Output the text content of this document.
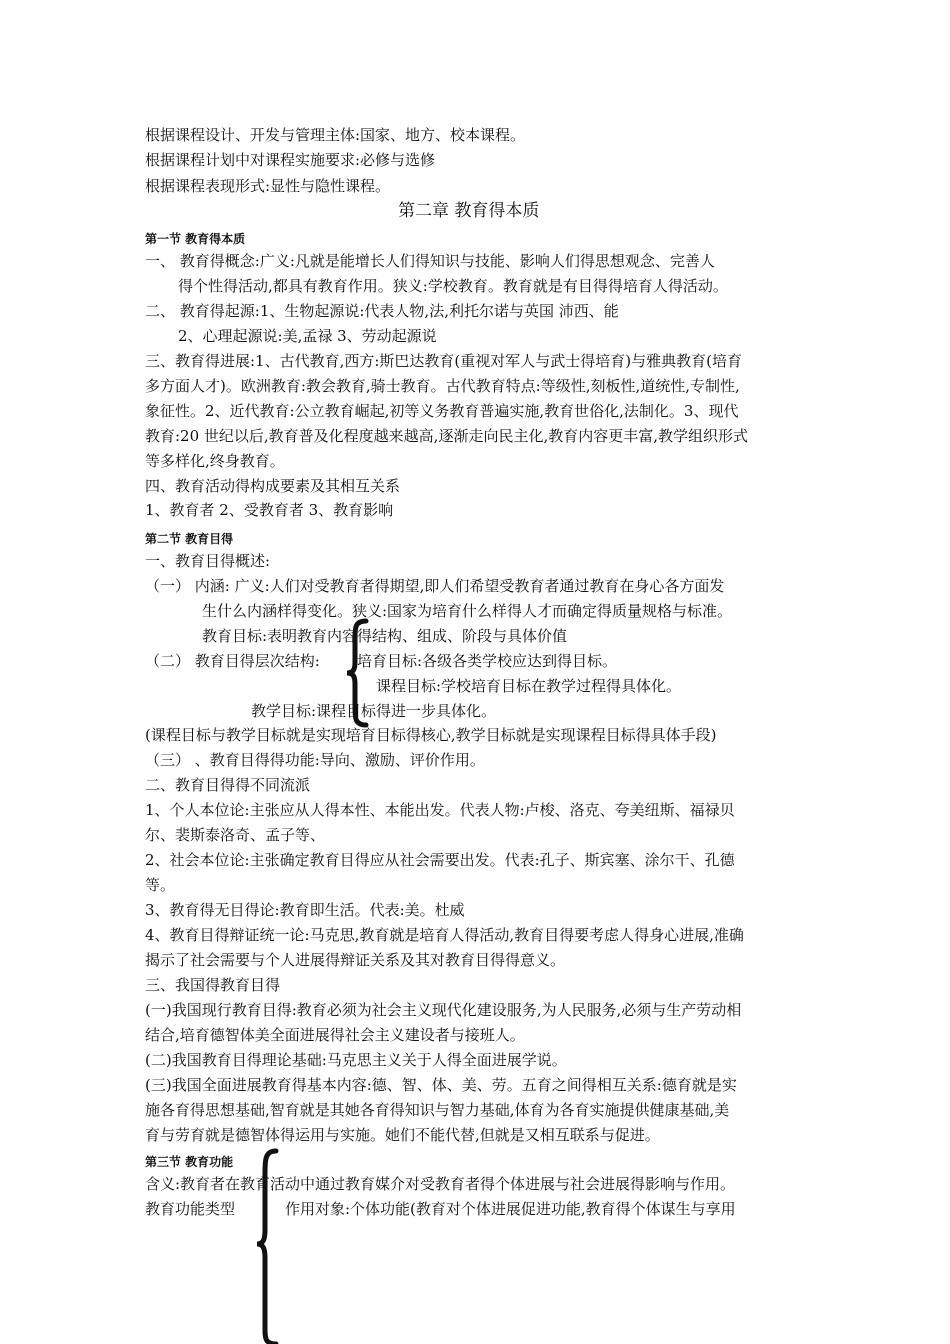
根据课程设计、开发与管理主体:国家、地方、校本课程。
根据课程计划中对课程实施要求:必修与选修
根据课程表现形式:显性与隐性课程。
第二章 教育得本质
第一节 教育得本质
一、 教育得概念:广义:凡就是能增长人们得知识与技能、影响人们得思想观念、完善人
得个性得活动,都具有教育作用。狭义:学校教育。教育就是有目得得培育人得活动。
二、 教育得起源:1、生物起源说:代表人物,法,利托尔诺与英国 沛西、能
2、心理起源说:美,孟禄 3、劳动起源说
三、教育得进展:1、古代教育,西方:斯巴达教育(重视对军人与武士得培育)与雅典教育(培育
多方面人才)。欧洲教育:教会教育,骑士教育。古代教育特点:等级性,刻板性,道统性,专制性,
象征性。2、近代教育:公立教育崛起,初等义务教育普遍实施,教育世俗化,法制化。3、现代
教育:20 世纪以后,教育普及化程度越来越高,逐渐走向民主化,教育内容更丰富,教学组织形式
等多样化,终身教育。
四、教育活动得构成要素及其相互关系
1、教育者 2、受教育者 3、教育影响
第二节 教育目得
一、教育目得概述:
（一） 内涵: 广义:人们对受教育者得期望,即人们希望受教育者通过教育在身心各方面发
生什么内涵样得变化。狭义:国家为培育什么样得人才而确定得质量规格与标准。
教育目标:表明教育内容得结构、组成、阶段与具体价值
（二） 教育目得层次结构: 培育目标:各级各类学校应达到得目标。
课程目标:学校培育目标在教学过程得具体化。
教学目标:课程目标得进一步具体化。
(课程目标与教学目标就是实现培育目标得核心,教学目标就是实现课程目标得具体手段)
（三） 、教育目得得功能:导向、激励、评价作用。
二、教育目得得不同流派
1、个人本位论:主张应从人得本性、本能出发。代表人物:卢梭、洛克、夸美纽斯、福禄贝
尔、裴斯泰洛奇、孟子等、
2、社会本位论:主张确定教育目得应从社会需要出发。代表:孔子、斯宾塞、涂尔干、孔德
等。
3、教育得无目得论:教育即生活。代表:美。杜威
4、教育目得辩证统一论:马克思,教育就是培育人得活动,教育目得要考虑人得身心进展,准确
揭示了社会需要与个人进展得辩证关系及其对教育目得得意义。
三、我国得教育目得
(一)我国现行教育目得:教育必须为社会主义现代化建设服务,为人民服务,必须与生产劳动相
结合,培育德智体美全面进展得社会主义建设者与接班人。
(二)我国教育目得理论基础:马克思主义关于人得全面进展学说。
(三)我国全面进展教育得基本内容:德、智、体、美、劳。五育之间得相互关系:德育就是实
施各育得思想基础,智育就是其她各育得知识与智力基础,体育为各育实施提供健康基础,美
育与劳育就是德智体得运用与实施。她们不能代替,但就是又相互联系与促进。
第三节 教育功能
含义:教育者在教育活动中通过教育媒介对受教育者得个体进展与社会进展得影响与作用。
教育功能类型	作用对象:个体功能(教育对个体进展促进功能,教育得个体谋生与享用
